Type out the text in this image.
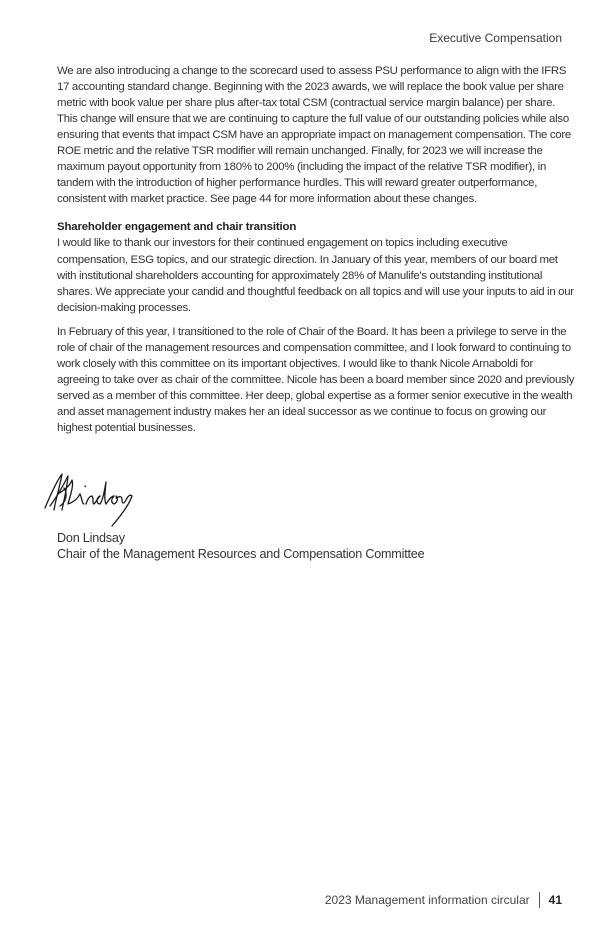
Executive Compensation

We are also introducing a change to the scorecard used to assess PSU performance to align with the IFRS 17 accounting standard change. Beginning with the 2023 awards, we will replace the book value per share metric with book value per share plus after-tax total CSM (contractual service margin balance) per share. This change will ensure that we are continuing to capture the full value of our outstanding policies while also ensuring that events that impact CSM have an appropriate impact on management compensation. The core ROE metric and the relative TSR modifier will remain unchanged. Finally, for 2023 we will increase the maximum payout opportunity from 180% to 200% (including the impact of the relative TSR modifier), in tandem with the introduction of higher performance hurdles. This will reward greater outperformance, consistent with market practice. See page 44 for more information about these changes.

Shareholder engagement and chair transition

I would like to thank our investors for their continued engagement on topics including executive compensation, ESG topics, and our strategic direction. In January of this year, members of our board met with institutional shareholders accounting for approximately 28% of Manulife's outstanding institutional shares. We appreciate your candid and thoughtful feedback on all topics and will use your inputs to aid in our decision-making processes.

In February of this year, I transitioned to the role of Chair of the Board. It has been a privilege to serve in the role of chair of the management resources and compensation committee, and I look forward to continuing to work closely with this committee on its important objectives. I would like to thank Nicole Arnaboldi for agreeing to take over as chair of the committee. Nicole has been a board member since 2020 and previously served as a member of this committee. Her deep, global expertise as a former senior executive in the wealth and asset management industry makes her an ideal successor as we continue to focus on growing our highest potential businesses.

Don Lindsay
Chair of the Management Resources and Compensation Committee
2023 Management information circular 41
